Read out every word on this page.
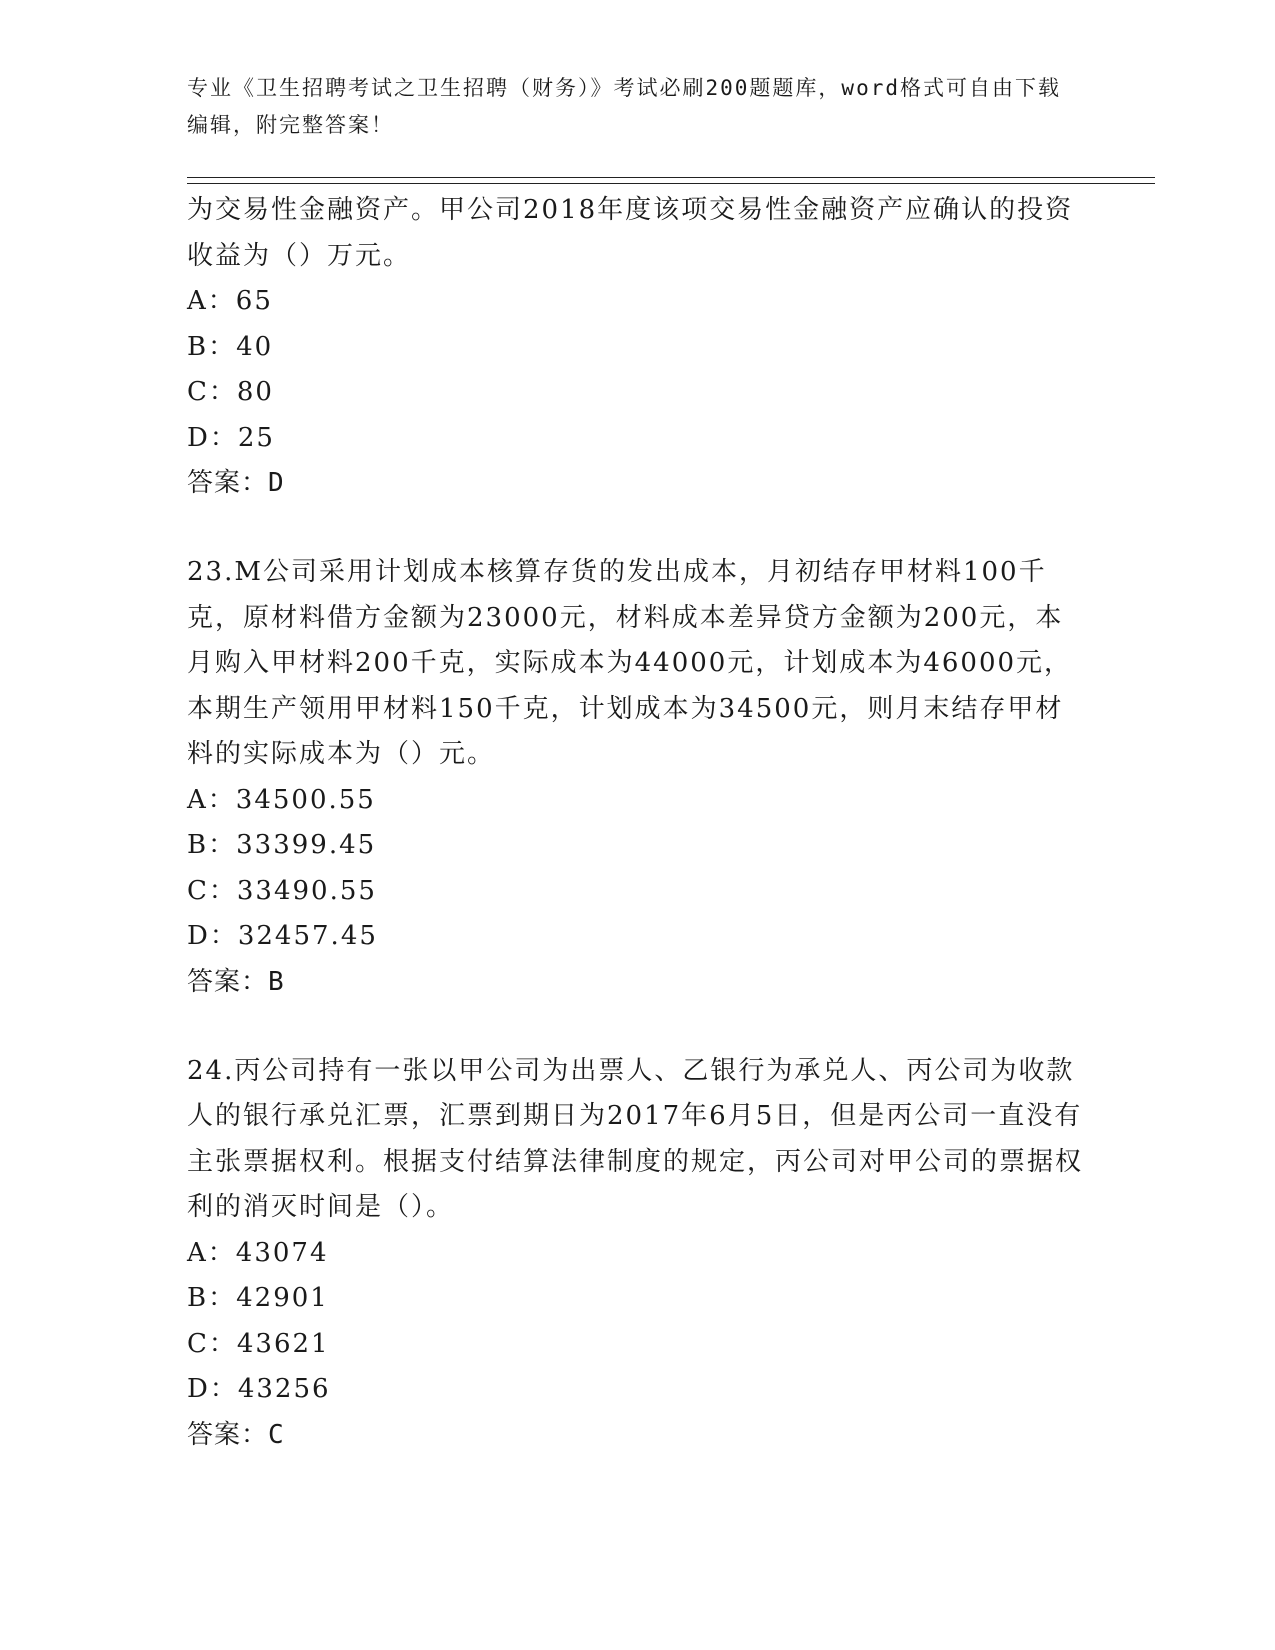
专业《卫生招聘考试之卫生招聘（财务）》考试必刷200题题库，word格式可自由下载编辑，附完整答案！

为交易性金融资产。甲公司2018年度该项交易性金融资产应确认的投资收益为（）万元。

A：65

B：40

C：80

D：25

答案：D

23.M公司采用计划成本核算存货的发出成本，月初结存甲材料100千克，原材料借方金额为23000元，材料成本差异贷方金额为200元，本月购入甲材料200千克，实际成本为44000元，计划成本为46000元，本期生产领用甲材料150千克，计划成本为34500元，则月末结存甲材料的实际成本为（）元。

A：34500.55

B：33399.45

C：33490.55

D：32457.45

答案：B

24.丙公司持有一张以甲公司为出票人、乙银行为承兑人、丙公司为收款人的银行承兑汇票，汇票到期日为2017年6月5日，但是丙公司一直没有主张票据权利。根据支付结算法律制度的规定，丙公司对甲公司的票据权利的消灭时间是（）。

A：43074

B：42901

C：43621

D：43256

答案：C
